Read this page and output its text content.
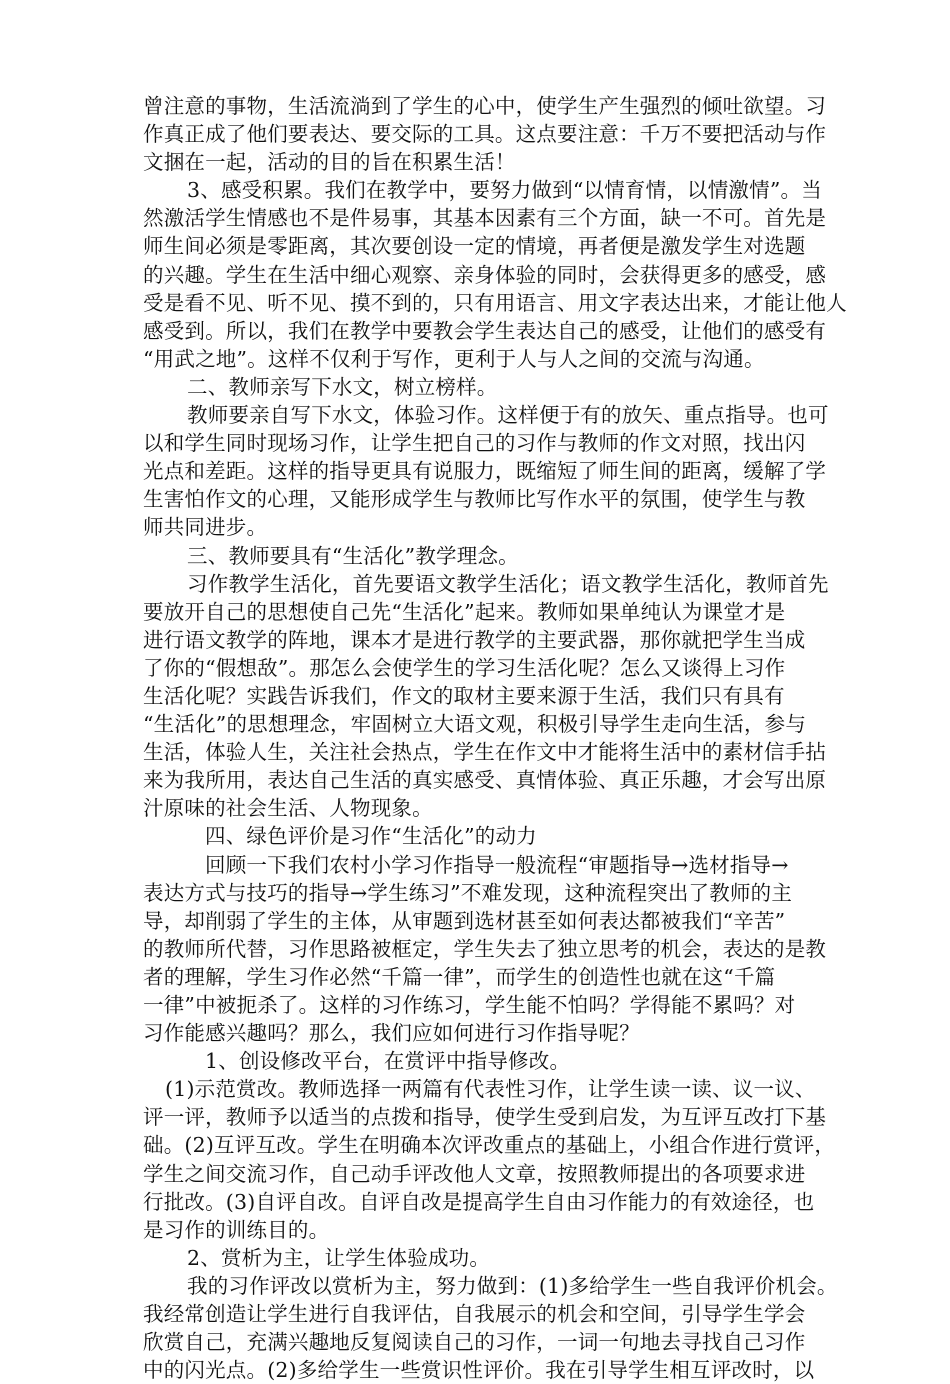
曾注意的事物，生活流淌到了学生的心中，使学生产生强烈的倾吐欲望。习
作真正成了他们要表达、要交际的工具。这点要注意：千万不要把活动与作
文捆在一起，活动的目的旨在积累生活！
3、感受积累。我们在教学中，要努力做到“以情育情，以情激情”。当
然激活学生情感也不是件易事，其基本因素有三个方面，缺一不可。首先是
师生间必须是零距离，其次要创设一定的情境，再者便是激发学生对选题
的兴趣。学生在生活中细心观察、亲身体验的同时，会获得更多的感受，感
受是看不见、听不见、摸不到的，只有用语言、用文字表达出来，才能让他人
感受到。所以，我们在教学中要教会学生表达自己的感受，让他们的感受有
“用武之地”。这样不仅利于写作，更利于人与人之间的交流与沟通。
二、教师亲写下水文，树立榜样。
教师要亲自写下水文，体验习作。这样便于有的放矢、重点指导。也可
以和学生同时现场习作，让学生把自己的习作与教师的作文对照，找出闪
光点和差距。这样的指导更具有说服力，既缩短了师生间的距离，缓解了学
生害怕作文的心理，又能形成学生与教师比写作水平的氛围，使学生与教
师共同进步。
三、教师要具有“生活化”教学理念。
习作教学生活化，首先要语文教学生活化；语文教学生活化，教师首先
要放开自己的思想使自己先“生活化”起来。教师如果单纯认为课堂才是
进行语文教学的阵地，课本才是进行教学的主要武器，那你就把学生当成
了你的“假想敌”。那怎么会使学生的学习生活化呢？怎么又谈得上习作
生活化呢？实践告诉我们，作文的取材主要来源于生活，我们只有具有
“生活化”的思想理念，牢固树立大语文观，积极引导学生走向生活，参与
生活，体验人生，关注社会热点，学生在作文中才能将生活中的素材信手拈
来为我所用，表达自己生活的真实感受、真情体验、真正乐趣，才会写出原
汁原味的社会生活、人物现象。
四、绿色评价是习作“生活化”的动力
回顾一下我们农村小学习作指导一般流程“审题指导→选材指导→
表达方式与技巧的指导→学生练习”不难发现，这种流程突出了教师的主
导，却削弱了学生的主体，从审题到选材甚至如何表达都被我们“辛苦”
的教师所代替，习作思路被框定，学生失去了独立思考的机会，表达的是教
者的理解，学生习作必然“千篇一律”，而学生的创造性也就在这“千篇
一律”中被扼杀了。这样的习作练习，学生能不怕吗？学得能不累吗？对
习作能感兴趣吗？那么，我们应如何进行习作指导呢？
1、创设修改平台，在赏评中指导修改。
(1)示范赏改。教师选择一两篇有代表性习作，让学生读一读、议一议、
评一评，教师予以适当的点拨和指导，使学生受到启发，为互评互改打下基
础。(2)互评互改。学生在明确本次评改重点的基础上，小组合作进行赏评，
学生之间交流习作，自己动手评改他人文章，按照教师提出的各项要求进
行批改。(3)自评自改。自评自改是提高学生自由习作能力的有效途径，也
是习作的训练目的。
2、赏析为主，让学生体验成功。
我的习作评改以赏析为主，努力做到：(1)多给学生一些自我评价机会。
我经常创造让学生进行自我评估，自我展示的机会和空间，引导学生学会
欣赏自己，充满兴趣地反复阅读自己的习作，一词一句地去寻找自己习作
中的闪光点。(2)多给学生一些赏识性评价。我在引导学生相互评改时，以
